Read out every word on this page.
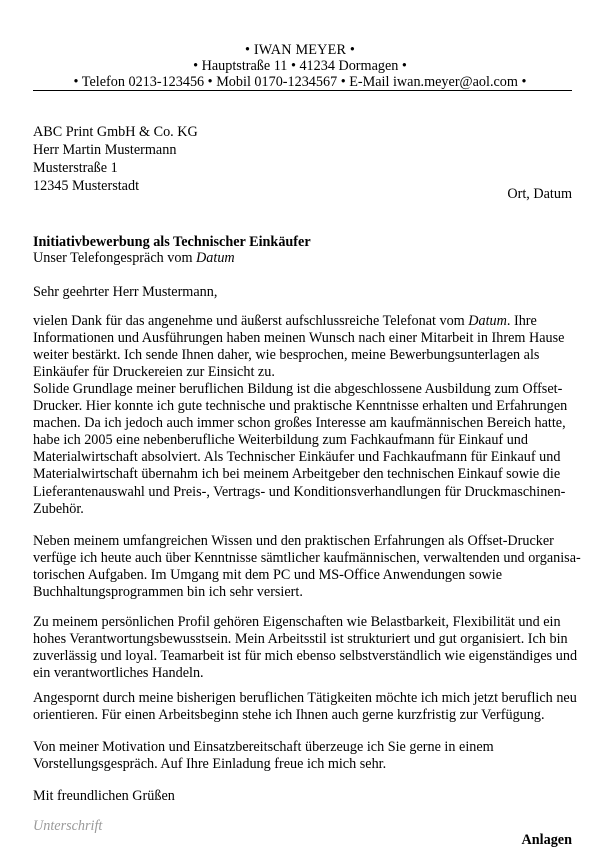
• IWAN MEYER •
• Hauptstraße 11 • 41234 Dormagen •
• Telefon 0213-123456 • Mobil 0170-1234567 • E-Mail iwan.meyer@aol.com •
ABC Print GmbH & Co. KG
Herr Martin Mustermann
Musterstraße 1
12345 Musterstadt	Ort, Datum
Initiativbewerbung als Technischer Einkäufer
Unser Telefongespräch vom Datum
Sehr geehrter Herr Mustermann,
vielen Dank für das angenehme und äußerst aufschlussreiche Telefonat vom Datum. Ihre
Informationen und Ausführungen haben meinen Wunsch nach einer Mitarbeit in Ihrem Hause
weiter bestärkt. Ich sende Ihnen daher, wie besprochen, meine Bewerbungsunterlagen als
Einkäufer für Druckereien zur Einsicht zu.
Solide Grundlage meiner beruflichen Bildung ist die abgeschlossene Ausbildung zum Offset-
Drucker. Hier konnte ich gute technische und praktische Kenntnisse erhalten und Erfahrungen
machen. Da ich jedoch auch immer schon großes Interesse am kaufmännischen Bereich hatte,
habe ich 2005 eine nebenberufliche Weiterbildung zum Fachkaufmann für Einkauf und
Materialwirtschaft absolviert. Als Technischer Einkäufer und Fachkaufmann für Einkauf und
Materialwirtschaft übernahm ich bei meinem Arbeitgeber den technischen Einkauf sowie die
Lieferantenauswahl und Preis-, Vertrags- und Konditionsverhandlungen für Druckmaschinen-
Zubehör.
Neben meinem umfangreichen Wissen und den praktischen Erfahrungen als Offset-Drucker
verfüge ich heute auch über Kenntnisse sämtlicher kaufmännischen, verwaltenden und organisa-
torischen Aufgaben. Im Umgang mit dem PC und MS-Office Anwendungen sowie
Buchhaltungsprogrammen bin ich sehr versiert.
Zu meinem persönlichen Profil gehören Eigenschaften wie Belastbarkeit, Flexibilität und ein
hohes Verantwortungsbewusstsein. Mein Arbeitsstil ist strukturiert und gut organisiert. Ich bin
zuverlässig und loyal. Teamarbeit ist für mich ebenso selbstverständlich wie eigenständiges und
ein verantwortliches Handeln.
Angespornt durch meine bisherigen beruflichen Tätigkeiten möchte ich mich jetzt beruflich neu
orientieren. Für einen Arbeitsbeginn stehe ich Ihnen auch gerne kurzfristig zur Verfügung.
Von meiner Motivation und Einsatzbereitschaft überzeuge ich Sie gerne in einem
Vorstellungsgespräch. Auf Ihre Einladung freue ich mich sehr.
Mit freundlichen Grüßen
Unterschrift
Anlagen
